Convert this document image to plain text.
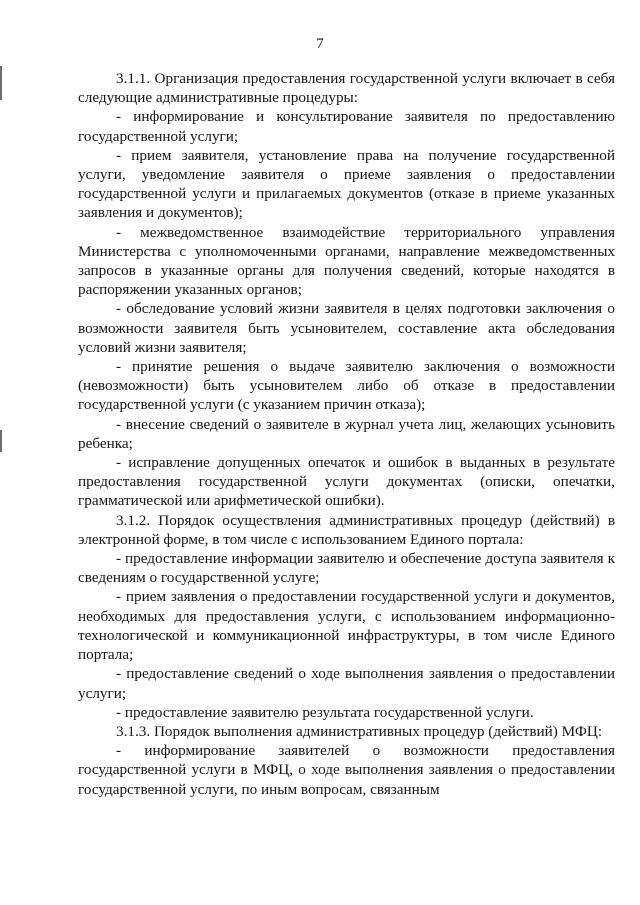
7

3.1.1. Организация предоставления государственной услуги включает в себя следующие административные процедуры:

- информирование и консультирование заявителя по предоставлению государственной услуги;

- прием заявителя, установление права на получение государственной услуги, уведомление заявителя о приеме заявления о предоставлении государственной услуги и прилагаемых документов (отказе в приеме указанных заявления и документов);

- межведомственное взаимодействие территориального управления Министерства с уполномоченными органами, направление межведомственных запросов в указанные органы для получения сведений, которые находятся в распоряжении указанных органов;

- обследование условий жизни заявителя в целях подготовки заключения о возможности заявителя быть усыновителем, составление акта обследования условий жизни заявителя;

- принятие решения о выдаче заявителю заключения о возможности (невозможности) быть усыновителем либо об отказе в предоставлении государственной услуги (с указанием причин отказа);

- внесение сведений о заявителе в журнал учета лиц, желающих усыновить ребенка;

- исправление допущенных опечаток и ошибок в выданных в результате предоставления государственной услуги документах (описки, опечатки, грамматической или арифметической ошибки).

3.1.2. Порядок осуществления административных процедур (действий) в электронной форме, в том числе с использованием Единого портала:

- предоставление информации заявителю и обеспечение доступа заявителя к сведениям о государственной услуге;

- прием заявления о предоставлении государственной услуги и документов, необходимых для предоставления услуги, с использованием информационно-технологической и коммуникационной инфраструктуры, в том числе Единого портала;

- предоставление сведений о ходе выполнения заявления о предоставлении услуги;

- предоставление заявителю результата государственной услуги.

3.1.3. Порядок выполнения административных процедур (действий) МФЦ:

- информирование заявителей о возможности предоставления государственной услуги в МФЦ, о ходе выполнения заявления о предоставлении государственной услуги, по иным вопросам, связанным
